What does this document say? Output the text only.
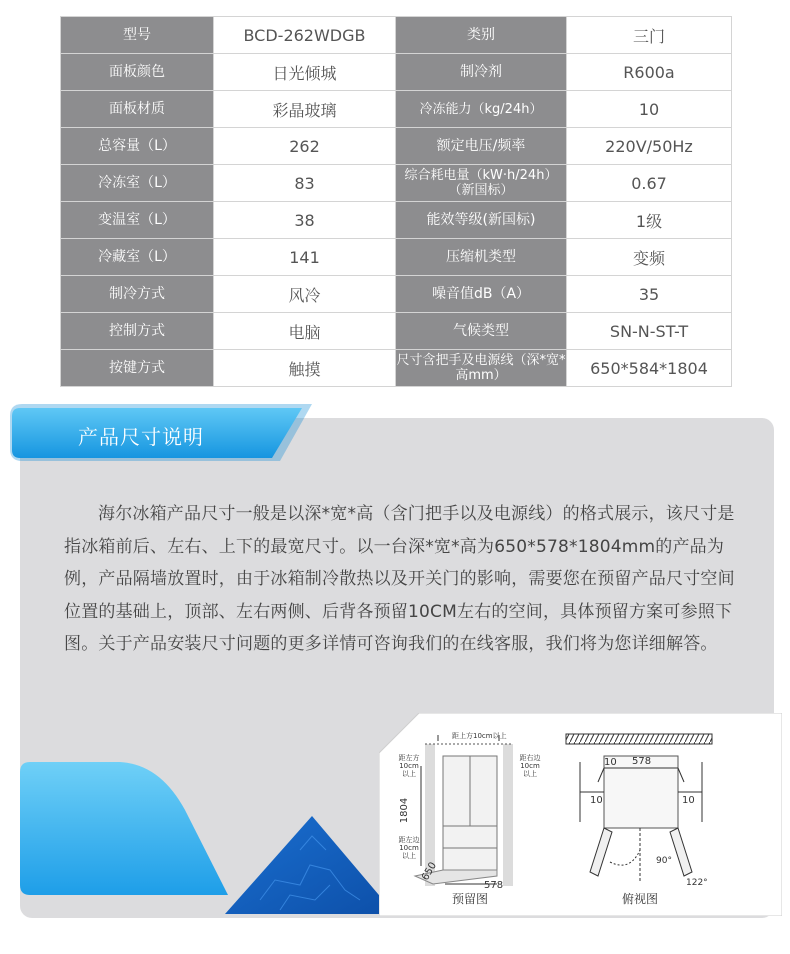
型号	BCD-262WDGB	类别	三门
面板颜色	日光倾城	制冷剂	R600a
面板材质	彩晶玻璃	冷冻能力（kg/24h）	10
总容量（L）	262	额定电压/频率	220V/50Hz
冷冻室（L）	83	综合耗电量（kW·h/24h）（新国标）	0.67
变温室（L）	38	能效等级(新国标)	1级
冷藏室（L）	141	压缩机类型	变频
制冷方式	风冷	噪音值dB（A）	35
控制方式	电脑	气候类型	SN-N-ST-T
按键方式	触摸	尺寸含把手及电源线（深*宽*高mm）	650*584*1804
产品尺寸说明
海尔冰箱产品尺寸一般是以深*宽*高（含门把手以及电源线）的格式展示，该尺寸是指冰箱前后、左右、上下的最宽尺寸。以一台深*宽*高为650*578*1804mm的产品为例，产品隔墙放置时，由于冰箱制冷散热以及开关门的影响，需要您在预留产品尺寸空间位置的基础上，顶部、左右两侧、后背各预留10CM左右的空间，具体预留方案可参照下图。关于产品安装尺寸问题的更多详情可咨询我们的在线客服，我们将为您详细解答。
距上方10cm以上
距左方10cm以上
距左边10cm以上
距右边10cm以上
1804
650
578
预留图
578
10
10	10
90°
122°
俯视图
